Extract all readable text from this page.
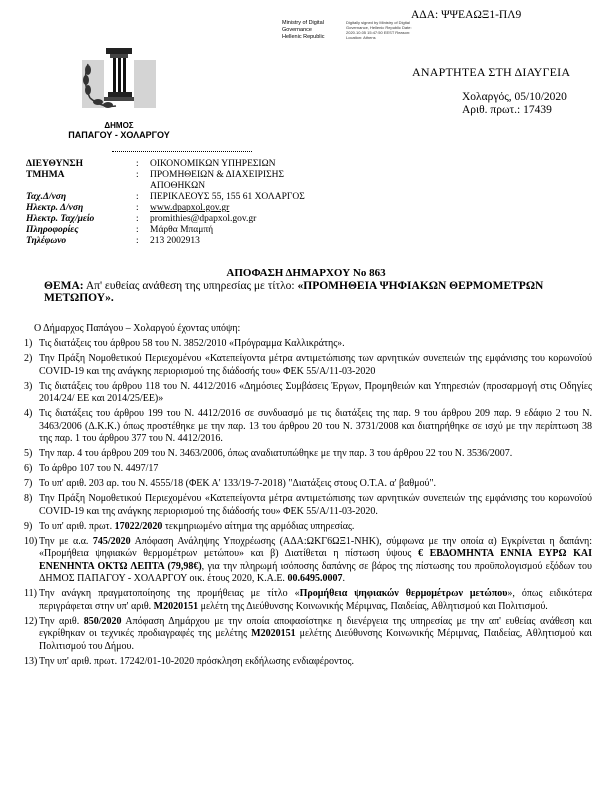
ΑΔΑ: ΨΨΕΑΩΞ1-ΠΛ9
Ministry of Digital
Governance
Hellenic Republic
Digitally signed by Ministry of Digital Governance, Hellenic Republic Date: 2020.10.05 15:47:50 EEST Reason: Location: Athens
ΔΗΜΟΣ
ΠΑΠΑΓΟΥ - ΧΟΛΑΡΓΟΥ
ΑΝΑΡΤΗΤΕΑ ΣΤΗ ΔΙΑΥΓΕΙΑ
Χολαργός, 05/10/2020
Αριθ. πρωτ.: 17439
ΔΙΕΥΘΥΝΣΗ	:	ΟΙΚΟΝΟΜΙΚΩΝ ΥΠΗΡΕΣΙΩΝ
ΤΜΗΜΑ	:	ΠΡΟΜΗΘΕΙΩΝ & ΔΙΑΧΕΙΡΙΣΗΣ ΑΠΟΘΗΚΩΝ
Ταχ.Δ/νση	:	ΠΕΡΙΚΛΕΟΥΣ 55, 155 61 ΧΟΛΑΡΓΟΣ
Ηλεκτρ. Δ/νση	:	www.dpapxol.gov.gr
Ηλεκτρ. Ταχ/μείο	:	promithies@dpapxol.gov.gr
Πληροφορίες	:	Μάρθα Μπαμπή
Τηλέφωνο	:	213 2002913
ΑΠΟΦΑΣΗ ΔΗΜΑΡΧΟΥ Νο 863
ΘΕΜΑ: Απ' ευθείας ανάθεση της υπηρεσίας με τίτλο: «ΠΡΟΜΗΘΕΙΑ ΨΗΦΙΑΚΩΝ ΘΕΡΜΟΜΕΤΡΩΝ ΜΕΤΩΠΟΥ».

Ο Δήμαρχος Παπάγου – Χολαργού έχοντας υπόψη:

1) Τις διατάξεις του άρθρου 58 του Ν. 3852/2010 «Πρόγραμμα Καλλικράτης».
2) Την Πράξη Νομοθετικού Περιεχομένου «Κατεπείγοντα μέτρα αντιμετώπισης των αρνητικών συνεπειών της εμφάνισης του κορωνοϊού COVID-19 και της ανάγκης περιορισμού της διάδοσής του» ΦΕΚ 55/Α/11-03-2020
3) Τις διατάξεις του άρθρου 118 του Ν. 4412/2016 «Δημόσιες Συμβάσεις Έργων, Προμηθειών και Υπηρεσιών (προσαρμογή στις Οδηγίες 2014/24/ ΕΕ και 2014/25/ΕΕ)»
4) Τις διατάξεις του άρθρου 199 του Ν. 4412/2016 σε συνδυασμό με τις διατάξεις της παρ. 9 του άρθρου 209 παρ. 9 εδάφιο 2 του Ν. 3463/2006 (Δ.Κ.Κ.) όπως προστέθηκε με την παρ. 13 του άρθρου 20 του Ν. 3731/2008 και διατηρήθηκε σε ισχύ με την περίπτωση 38 της παρ. 1 του άρθρου 377 του Ν. 4412/2016.
5) Την παρ. 4 του άρθρου 209 του Ν. 3463/2006, όπως αναδιατυπώθηκε με την παρ. 3 του άρθρου 22 του Ν. 3536/2007.
6) Το άρθρο 107 του Ν. 4497/17
7) Το υπ' αριθ. 203 αρ. του Ν. 4555/18 (ΦΕΚ Α' 133/19-7-2018) "Διατάξεις στους Ο.Τ.Α. α' βαθμού".
8) Την Πράξη Νομοθετικού Περιεχομένου «Κατεπείγοντα μέτρα αντιμετώπισης των αρνητικών συνεπειών της εμφάνισης του κορωνοϊού COVID-19 και της ανάγκης περιορισμού της διάδοσής του» ΦΕΚ 55/Α/11-03-2020.
9) Το υπ' αριθ. πρωτ. 17022/2020 τεκμηριωμένο αίτημα της αρμόδιας υπηρεσίας.
10) Την με α.α. 745/2020 Απόφαση Ανάληψης Υποχρέωσης (ΑΔΑ:ΩΚΓ6ΩΞ1-ΝΗΚ), σύμφωνα με την οποία α) Εγκρίνεται η δαπάνη: «Προμήθεια ψηφιακών θερμομέτρων μετώπου» και β) Διατίθεται η πίστωση ύψους € ΕΒΔΟΜΗΝΤΑ ΕΝΝΙΑ ΕΥΡΩ ΚΑΙ ΕΝΕΝΗΝΤΑ ΟΚΤΩ ΛΕΠΤΑ (79,98€), για την πληρωμή ισόποσης δαπάνης σε βάρος της πίστωσης του προϋπολογισμού εξόδων του ΔΗΜΟΣ ΠΑΠΑΓΟΥ - ΧΟΛΑΡΓΟΥ οικ. έτους 2020, Κ.Α.Ε. 00.6495.0007.
11) Την ανάγκη πραγματοποίησης της προμήθειας με τίτλο «Προμήθεια ψηφιακών θερμομέτρων μετώπου», όπως ειδικότερα περιγράφεται στην υπ' αριθ. M2020151 μελέτη της Διεύθυνσης Κοινωνικής Μέριμνας, Παιδείας, Αθλητισμού και Πολιτισμού.
12) Την αριθ. 850/2020 Απόφαση Δημάρχου με την οποία αποφασίστηκε η διενέργεια της υπηρεσίας με την απ' ευθείας ανάθεση και εγκρίθηκαν οι τεχνικές προδιαγραφές της μελέτης M2020151 μελέτης Διεύθυνσης Κοινωνικής Μέριμνας, Παιδείας, Αθλητισμού και Πολιτισμού του Δήμου.
13) Την υπ' αριθ. πρωτ. 17242/01-10-2020 πρόσκληση εκδήλωσης ενδιαφέροντος.
